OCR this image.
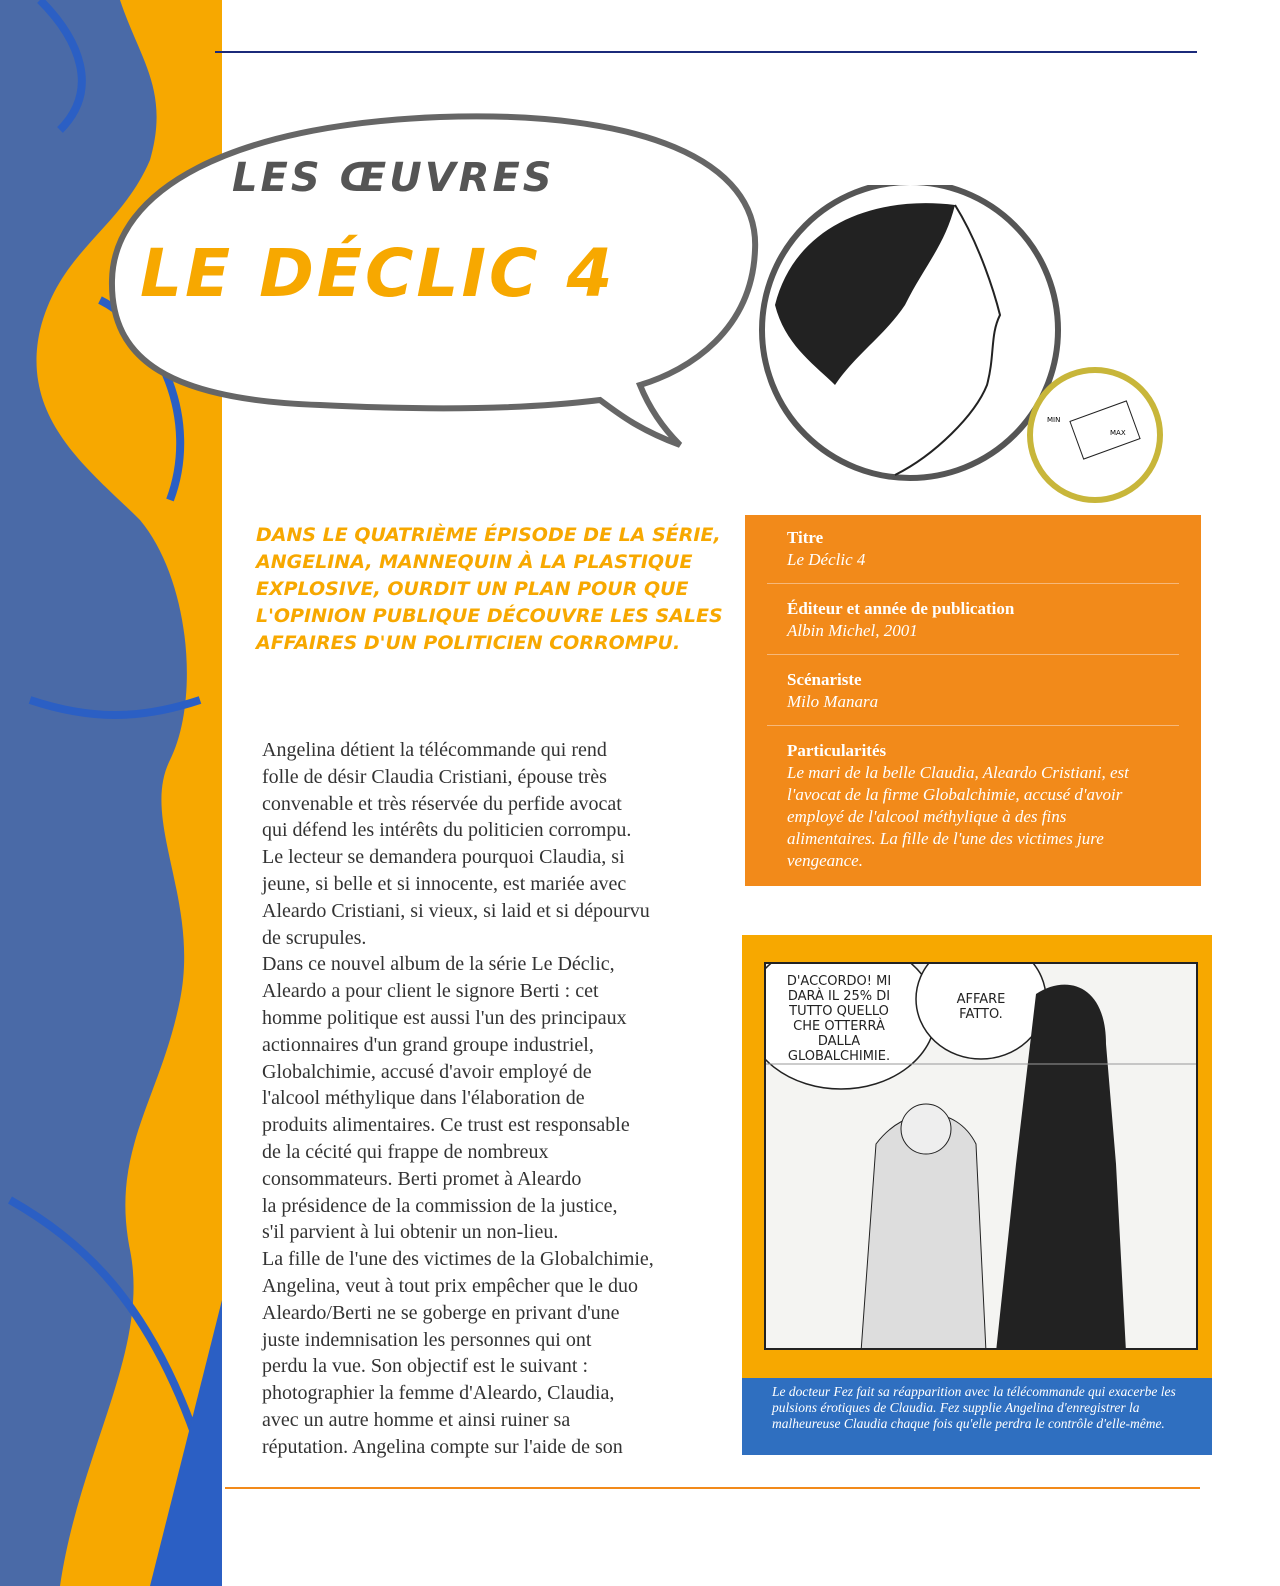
LES ŒUVRES
LE DÉCLIC 4
MIN
MAX
DANS LE QUATRIÈME ÉPISODE DE LA SÉRIE, ANGELINA, MANNEQUIN À LA PLASTIQUE EXPLOSIVE, OURDIT UN PLAN POUR QUE L'OPINION PUBLIQUE DÉCOUVRE LES SALES AFFAIRES D'UN POLITICIEN CORROMPU.
Angelina détient la télécommande qui rend
folle de désir Claudia Cristiani, épouse très
convenable et très réservée du perfide avocat
qui défend les intérêts du politicien corrompu.
Le lecteur se demandera pourquoi Claudia, si
jeune, si belle et si innocente, est mariée avec
Aleardo Cristiani, si vieux, si laid et si dépourvu
de scrupules.
Dans ce nouvel album de la série Le Déclic,
Aleardo a pour client le signore Berti : cet
homme politique est aussi l'un des principaux
actionnaires d'un grand groupe industriel,
Globalchimie, accusé d'avoir employé de
l'alcool méthylique dans l'élaboration de
produits alimentaires. Ce trust est responsable
de la cécité qui frappe de nombreux
consommateurs. Berti promet à Aleardo
la présidence de la commission de la justice,
s'il parvient à lui obtenir un non-lieu.
La fille de l'une des victimes de la Globalchimie,
Angelina, veut à tout prix empêcher que le duo
Aleardo/Berti ne se goberge en privant d'une
juste indemnisation les personnes qui ont
perdu la vue. Son objectif est le suivant :
photographier la femme d'Aleardo, Claudia,
avec un autre homme et ainsi ruiner sa
réputation. Angelina compte sur l'aide de son
Titre
Le Déclic 4
Éditeur et année de publication
Albin Michel, 2001
Scénariste
Milo Manara
Particularités
Le mari de la belle Claudia, Aleardo Cristiani, est l'avocat de la firme Globalchimie, accusé d'avoir employé de l'alcool méthylique à des fins alimentaires. La fille de l'une des victimes jure vengeance.
D'ACCORDO! MI DARÀ IL 25% DI TUTTO QUELLO CHE OTTERRÀ DALLA GLOBALCHIMIE.
AFFARE FATTO.
Le docteur Fez fait sa réapparition avec la télécommande qui exacerbe les pulsions érotiques de Claudia. Fez supplie Angelina d'enregistrer la malheureuse Claudia chaque fois qu'elle perdra le contrôle d'elle-même.
